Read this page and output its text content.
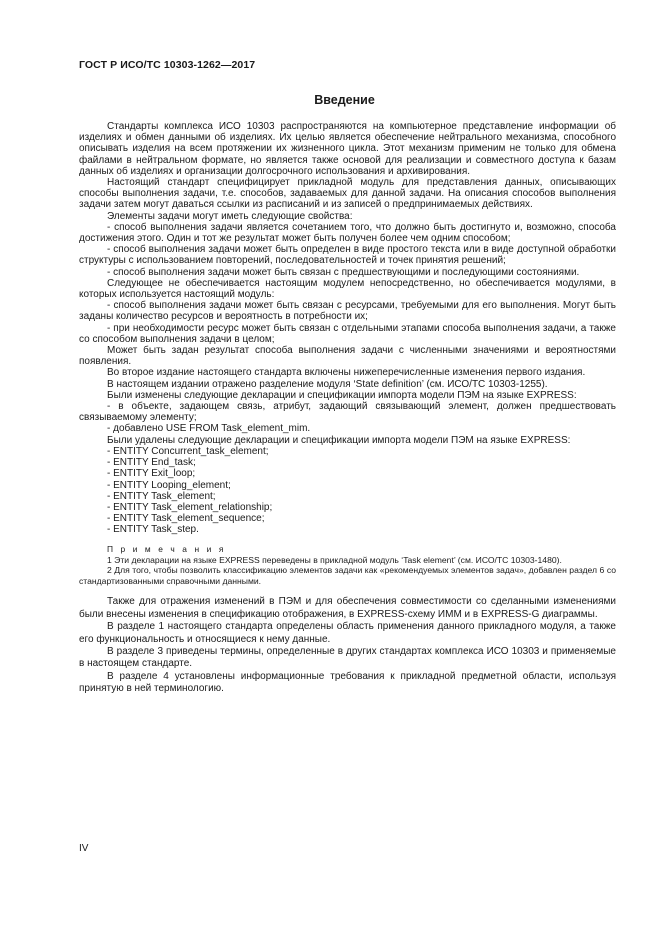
ГОСТ Р ИСО/ТС 10303-1262—2017
Введение

Стандарты комплекса ИСО 10303 распространяются на компьютерное представление информации об изделиях и обмен данными об изделиях. Их целью является обеспечение нейтрального механизма, способного описывать изделия на всем протяжении их жизненного цикла. Этот механизм применим не только для обмена файлами в нейтральном формате, но является также основой для реализации и совместного доступа к базам данных об изделиях и организации долгосрочного использования и архивирования.

Настоящий стандарт специфицирует прикладной модуль для представления данных, описывающих способы выполнения задачи, т.е. способов, задаваемых для данной задачи. На описания способов выполнения задачи затем могут даваться ссылки из расписаний и из записей о предпринимаемых действиях.

Элементы задачи могут иметь следующие свойства:

- способ выполнения задачи является сочетанием того, что должно быть достигнуто и, возможно, способа достижения этого. Один и тот же результат может быть получен более чем одним способом;

- способ выполнения задачи может быть определен в виде простого текста или в виде доступной обработки структуры с использованием повторений, последовательностей и точек принятия решений;

- способ выполнения задачи может быть связан с предшествующими и последующими состояниями.

Следующее не обеспечивается настоящим модулем непосредственно, но обеспечивается модулями, в которых используется настоящий модуль:

- способ выполнения задачи может быть связан с ресурсами, требуемыми для его выполнения. Могут быть заданы количество ресурсов и вероятность в потребности их;

- при необходимости ресурс может быть связан с отдельными этапами способа выполнения задачи, а также со способом выполнения задачи в целом;

Может быть задан результат способа выполнения задачи с численными значениями и вероятностями появления.

Во второе издание настоящего стандарта включены нижеперечисленные изменения первого издания.

В настоящем издании отражено разделение модуля ‘State definition’ (см. ИСО/ТС 10303-1255).

Были изменены следующие декларации и спецификации импорта модели ПЭМ на языке EXPRESS:

- в объекте, задающем связь, атрибут, задающий связывающий элемент, должен предшествовать связываемому элементу;

- добавлено USE FROM Task_element_mim.

Были удалены следующие декларации и спецификации импорта модели ПЭМ на языке EXPRESS:

- ENTITY Concurrent_task_element;

- ENTITY End_task;

- ENTITY Exit_loop;

- ENTITY Looping_element;

- ENTITY Task_element;

- ENTITY Task_element_relationship;

- ENTITY Task_element_sequence;

- ENTITY Task_step.

П р и м е ч а н и я

1 Эти декларации на языке EXPRESS переведены в прикладной модуль ‘Task element’ (см. ИСО/ТС 10303-1480).

2 Для того, чтобы позволить классификацию элементов задачи как «рекомендуемых элементов задач», добавлен раздел 6 со стандартизованными справочными данными.

Также для отражения изменений в ПЭМ и для обеспечения совместимости со сделанными изменениями были внесены изменения в спецификацию отображения, в EXPRESS-схему ИММ и в EXPRESS-G диаграммы.

В разделе 1 настоящего стандарта определены область применения данного прикладного модуля, а также его функциональность и относящиеся к нему данные.

В разделе 3 приведены термины, определенные в других стандартах комплекса ИСО 10303 и применяемые в настоящем стандарте.

В разделе 4 установлены информационные требования к прикладной предметной области, используя принятую в ней терминологию.

IV
